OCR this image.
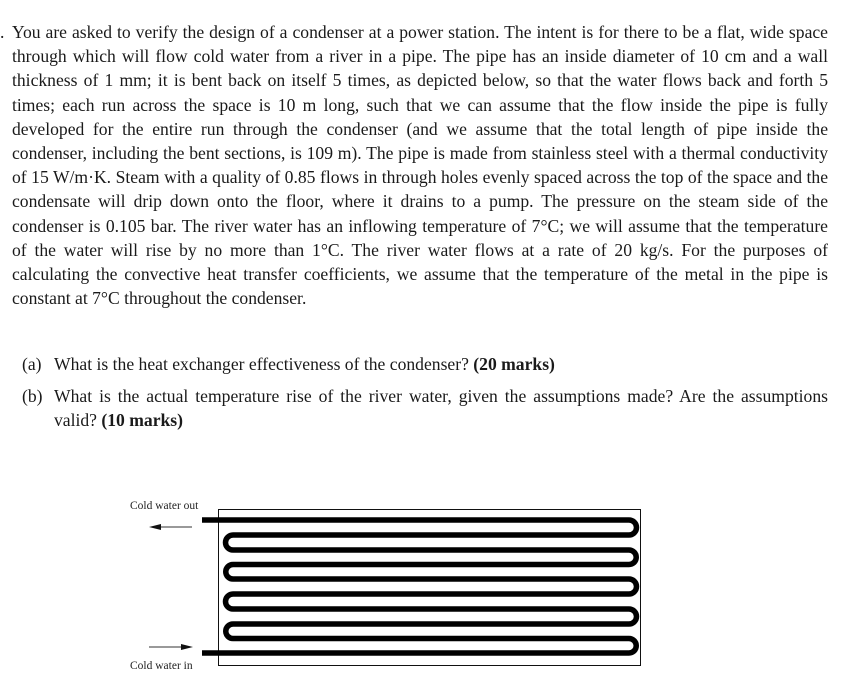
. You are asked to verify the design of a condenser at a power station. The intent is for there to be a flat, wide space through which will flow cold water from a river in a pipe. The pipe has an inside diameter of 10 cm and a wall thickness of 1 mm; it is bent back on itself 5 times, as depicted below, so that the water flows back and forth 5 times; each run across the space is 10 m long, such that we can assume that the flow inside the pipe is fully developed for the entire run through the condenser (and we assume that the total length of pipe inside the condenser, including the bent sections, is 109 m). The pipe is made from stainless steel with a thermal conductivity of 15 W/m·K. Steam with a quality of 0.85 flows in through holes evenly spaced across the top of the space and the condensate will drip down onto the floor, where it drains to a pump. The pressure on the steam side of the condenser is 0.105 bar. The river water has an inflowing temperature of 7°C; we will assume that the temperature of the water will rise by no more than 1°C. The river water flows at a rate of 20 kg/s. For the purposes of calculating the convective heat transfer coefficients, we assume that the temperature of the metal in the pipe is constant at 7°C throughout the condenser.
(a) What is the heat exchanger effectiveness of the condenser? (20 marks)
(b) What is the actual temperature rise of the river water, given the assumptions made? Are the assumptions valid? (10 marks)
Cold water out
Cold water in
